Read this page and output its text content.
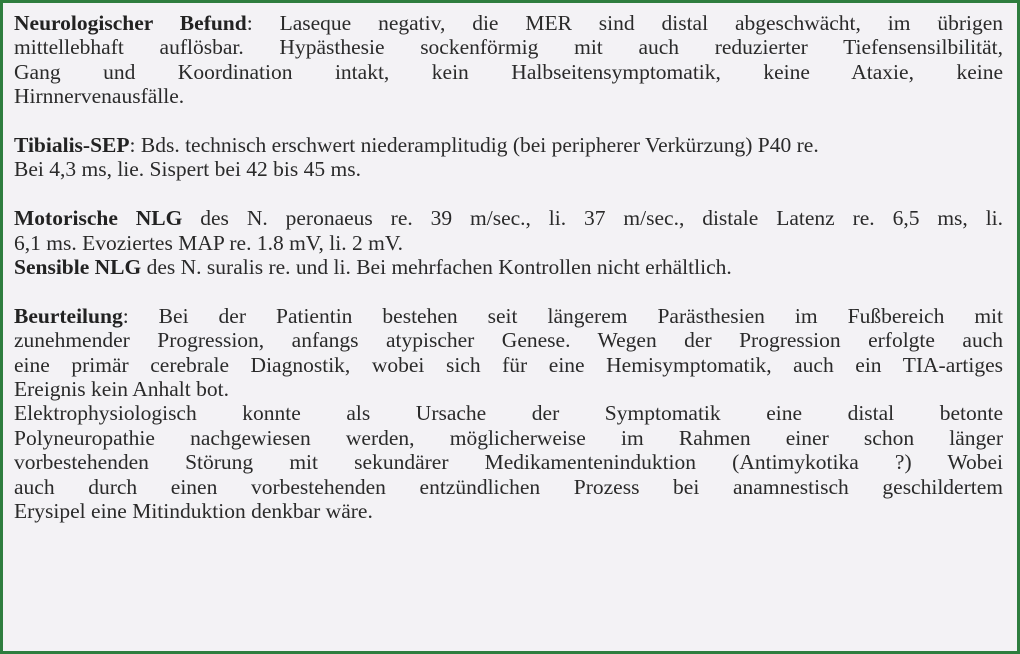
Neurologischer Befund: Laseque negativ, die MER sind distal abgeschwächt, im übrigen
mittellebhaft auflösbar. Hypästhesie sockenförmig mit auch reduzierter Tiefensensilbilität,
Gang und Koordination intakt, kein Halbseitensymptomatik, keine Ataxie, keine
Hirnnervenausfälle.
Tibialis-SEP: Bds. technisch erschwert niederamplitudig (bei peripherer Verkürzung) P40 re.
Bei 4,3 ms, lie. Sispert bei 42 bis 45 ms.
Motorische NLG des N. peronaeus re. 39 m/sec., li. 37 m/sec., distale Latenz re. 6,5 ms, li.
6,1 ms. Evoziertes MAP re. 1.8 mV, li. 2 mV.
Sensible NLG des N. suralis re. und li. Bei mehrfachen Kontrollen nicht erhältlich.
Beurteilung: Bei der Patientin bestehen seit längerem Parästhesien im Fußbereich mit
zunehmender Progression, anfangs atypischer Genese. Wegen der Progression erfolgte auch
eine primär cerebrale Diagnostik, wobei sich für eine Hemisymptomatik, auch ein TIA-artiges
Ereignis kein Anhalt bot.
Elektrophysiologisch konnte als Ursache der Symptomatik eine distal betonte
Polyneuropathie nachgewiesen werden, möglicherweise im Rahmen einer schon länger
vorbestehenden Störung mit sekundärer Medikamenteninduktion (Antimykotika ?) Wobei
auch durch einen vorbestehenden entzündlichen Prozess bei anamnestisch geschildertem
Erysipel eine Mitinduktion denkbar wäre.
